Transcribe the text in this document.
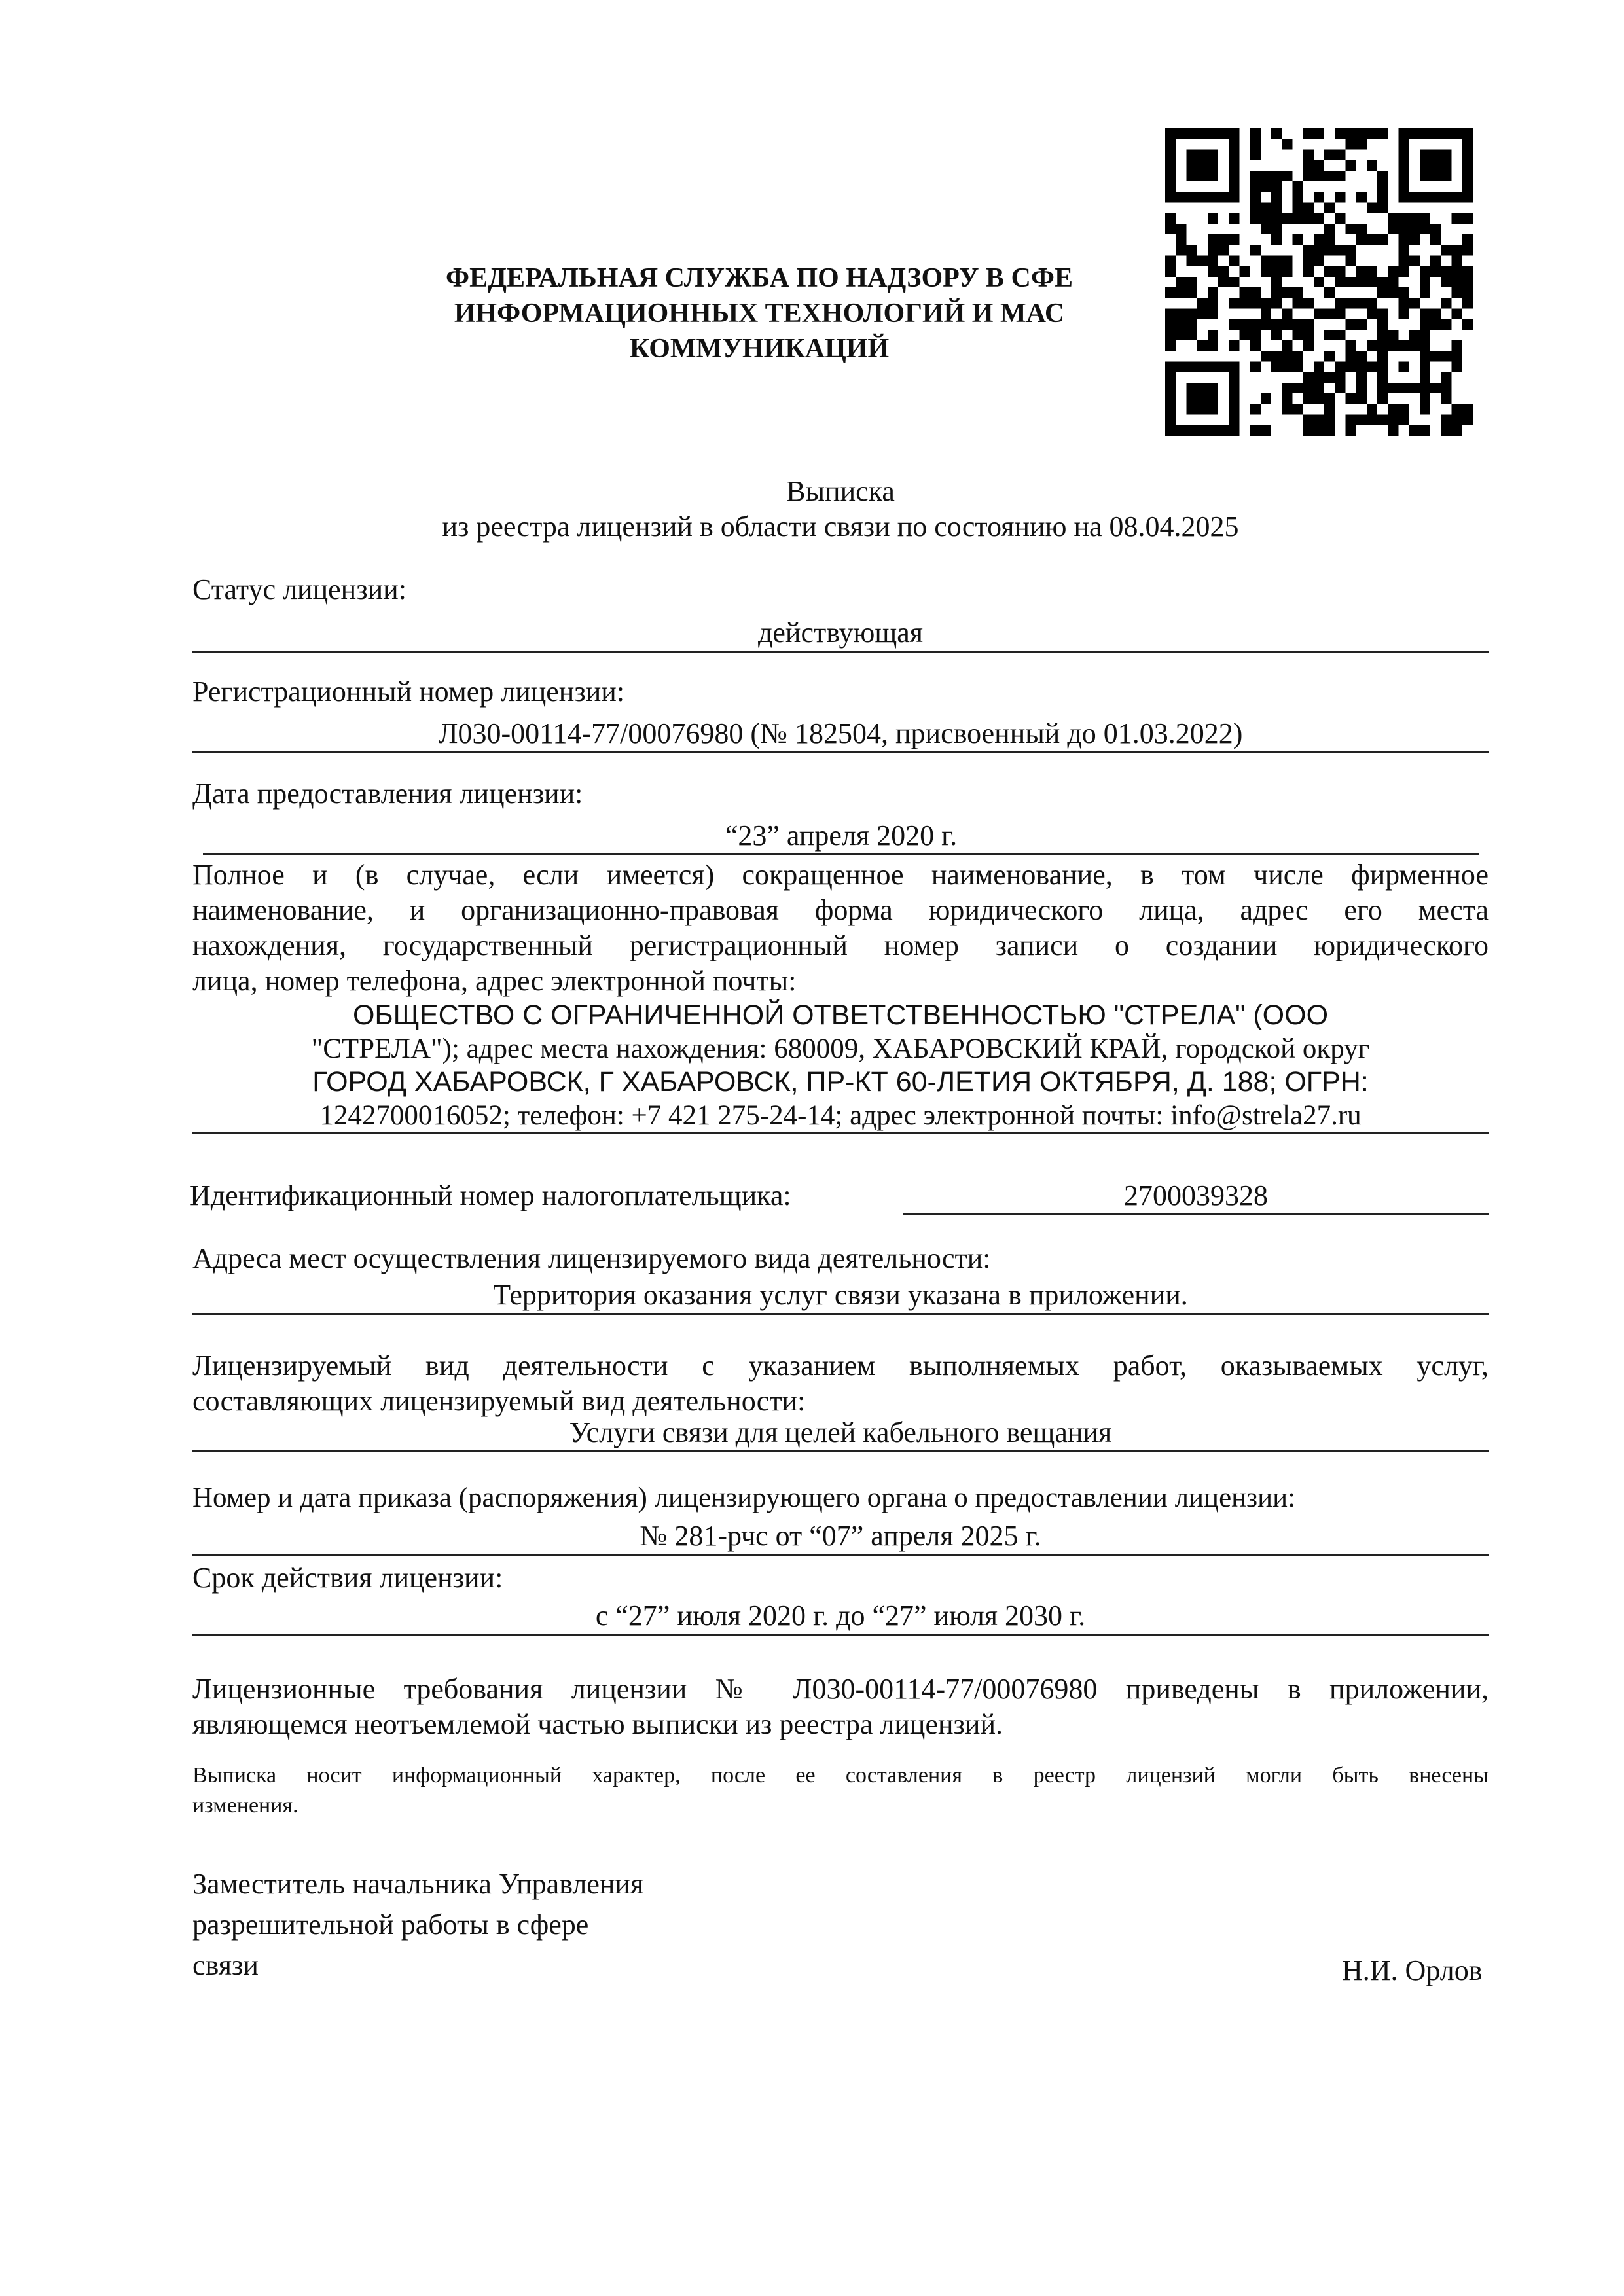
ФЕДЕРАЛЬНАЯ СЛУЖБА ПО НАДЗОРУ В СФЕ
ИНФОРМАЦИОННЫХ ТЕХНОЛОГИЙ И МАС
КОММУНИКАЦИЙ
Выписка
из реестра лицензий в области связи по состоянию на 08.04.2025
Статус лицензии:
действующая
Регистрационный номер лицензии:
Л030-00114-77/00076980 (№ 182504, присвоенный до 01.03.2022)
Дата предоставления лицензии:
“23” апреля 2020 г.
Полное и (в случае, если имеется) сокращенное наименование, в том числе фирменное
наименование, и организационно-правовая форма юридического лица, адрес его места
нахождения, государственный регистрационный номер записи о создании юридического
лица, номер телефона, адрес электронной почты:
ОБЩЕСТВО С ОГРАНИЧЕННОЙ ОТВЕТСТВЕННОСТЬЮ "СТРЕЛА" (ООО
"СТРЕЛА"); адрес места нахождения: 680009, ХАБАРОВСКИЙ КРАЙ, городской округ
ГОРОД ХАБАРОВСК, Г ХАБАРОВСК, ПР-КТ 60-ЛЕТИЯ ОКТЯБРЯ, Д. 188; ОГРН:
1242700016052; телефон: +7 421 275-24-14; адрес электронной почты: info@strela27.ru
Идентификационный номер налогоплательщика:	2700039328
Адреса мест осуществления лицензируемого вида деятельности:
Территория оказания услуг связи указана в приложении.
Лицензируемый вид деятельности с указанием выполняемых работ, оказываемых услуг,
составляющих лицензируемый вид деятельности:
Услуги связи для целей кабельного вещания
Номер и дата приказа (распоряжения) лицензирующего органа о предоставлении лицензии:
№ 281-рчс от “07” апреля 2025 г.
Срок действия лицензии:
с “27” июля 2020 г. до “27” июля 2030 г.
Лицензионные требования лицензии № Л030-00114-77/00076980 приведены в приложении,
являющемся неотъемлемой частью выписки из реестра лицензий.
Выписка носит информационный характер, после ее составления в реестр лицензий могли быть внесены
изменения.
Заместитель начальника Управления
разрешительной работы в сфере
связи	Н.И. Орлов
